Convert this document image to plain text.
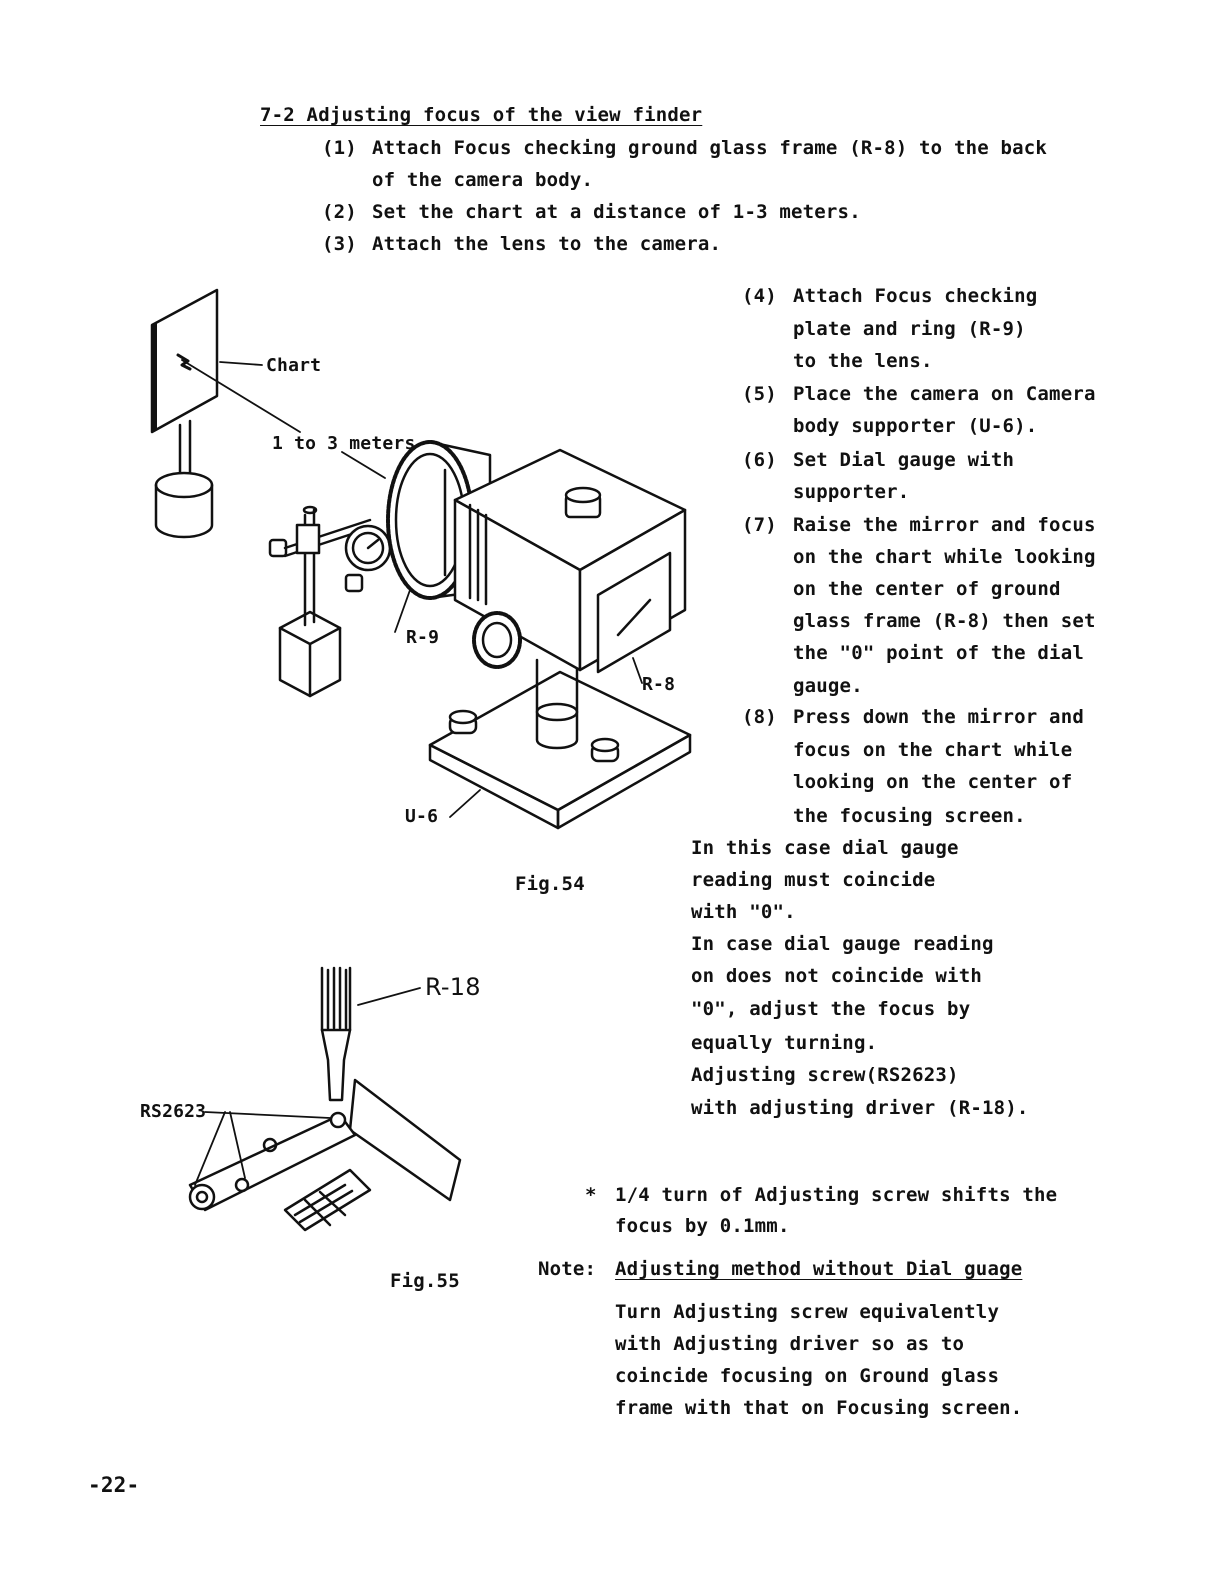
7-2 Adjusting focus of the view finder
(1) Attach Focus checking ground glass frame (R-8) to the back
of the camera body.
(2) Set the chart at a distance of 1-3 meters.
(3) Attach the lens to the camera.
(4) Attach Focus checking
plate and ring (R-9)
to the lens.
(5) Place the camera on Camera
body supporter (U-6).
(6) Set Dial gauge with
supporter.
(7) Raise the mirror and focus
on the chart while looking
on the center of ground
glass frame (R-8) then set
the "0" point of the dial
gauge.
(8) Press down the mirror and
focus on the chart while
looking on the center of
the focusing screen.
In this case dial gauge
reading must coincide
with "0".
In case dial gauge reading
on does not coincide with
"0", adjust the focus by
equally turning.
Adjusting screw(RS2623)
with adjusting driver (R-18).
* 1/4 turn of Adjusting screw shifts the
focus by 0.1mm.
Note: Adjusting method without Dial guage
Turn Adjusting screw equivalently
with Adjusting driver so as to
coincide focusing on Ground glass
frame with that on Focusing screen.
Fig.54
Fig.55
-22-
Chart
1 to 3 meters
R-9
R-8
U-6
R-18
RS2623
